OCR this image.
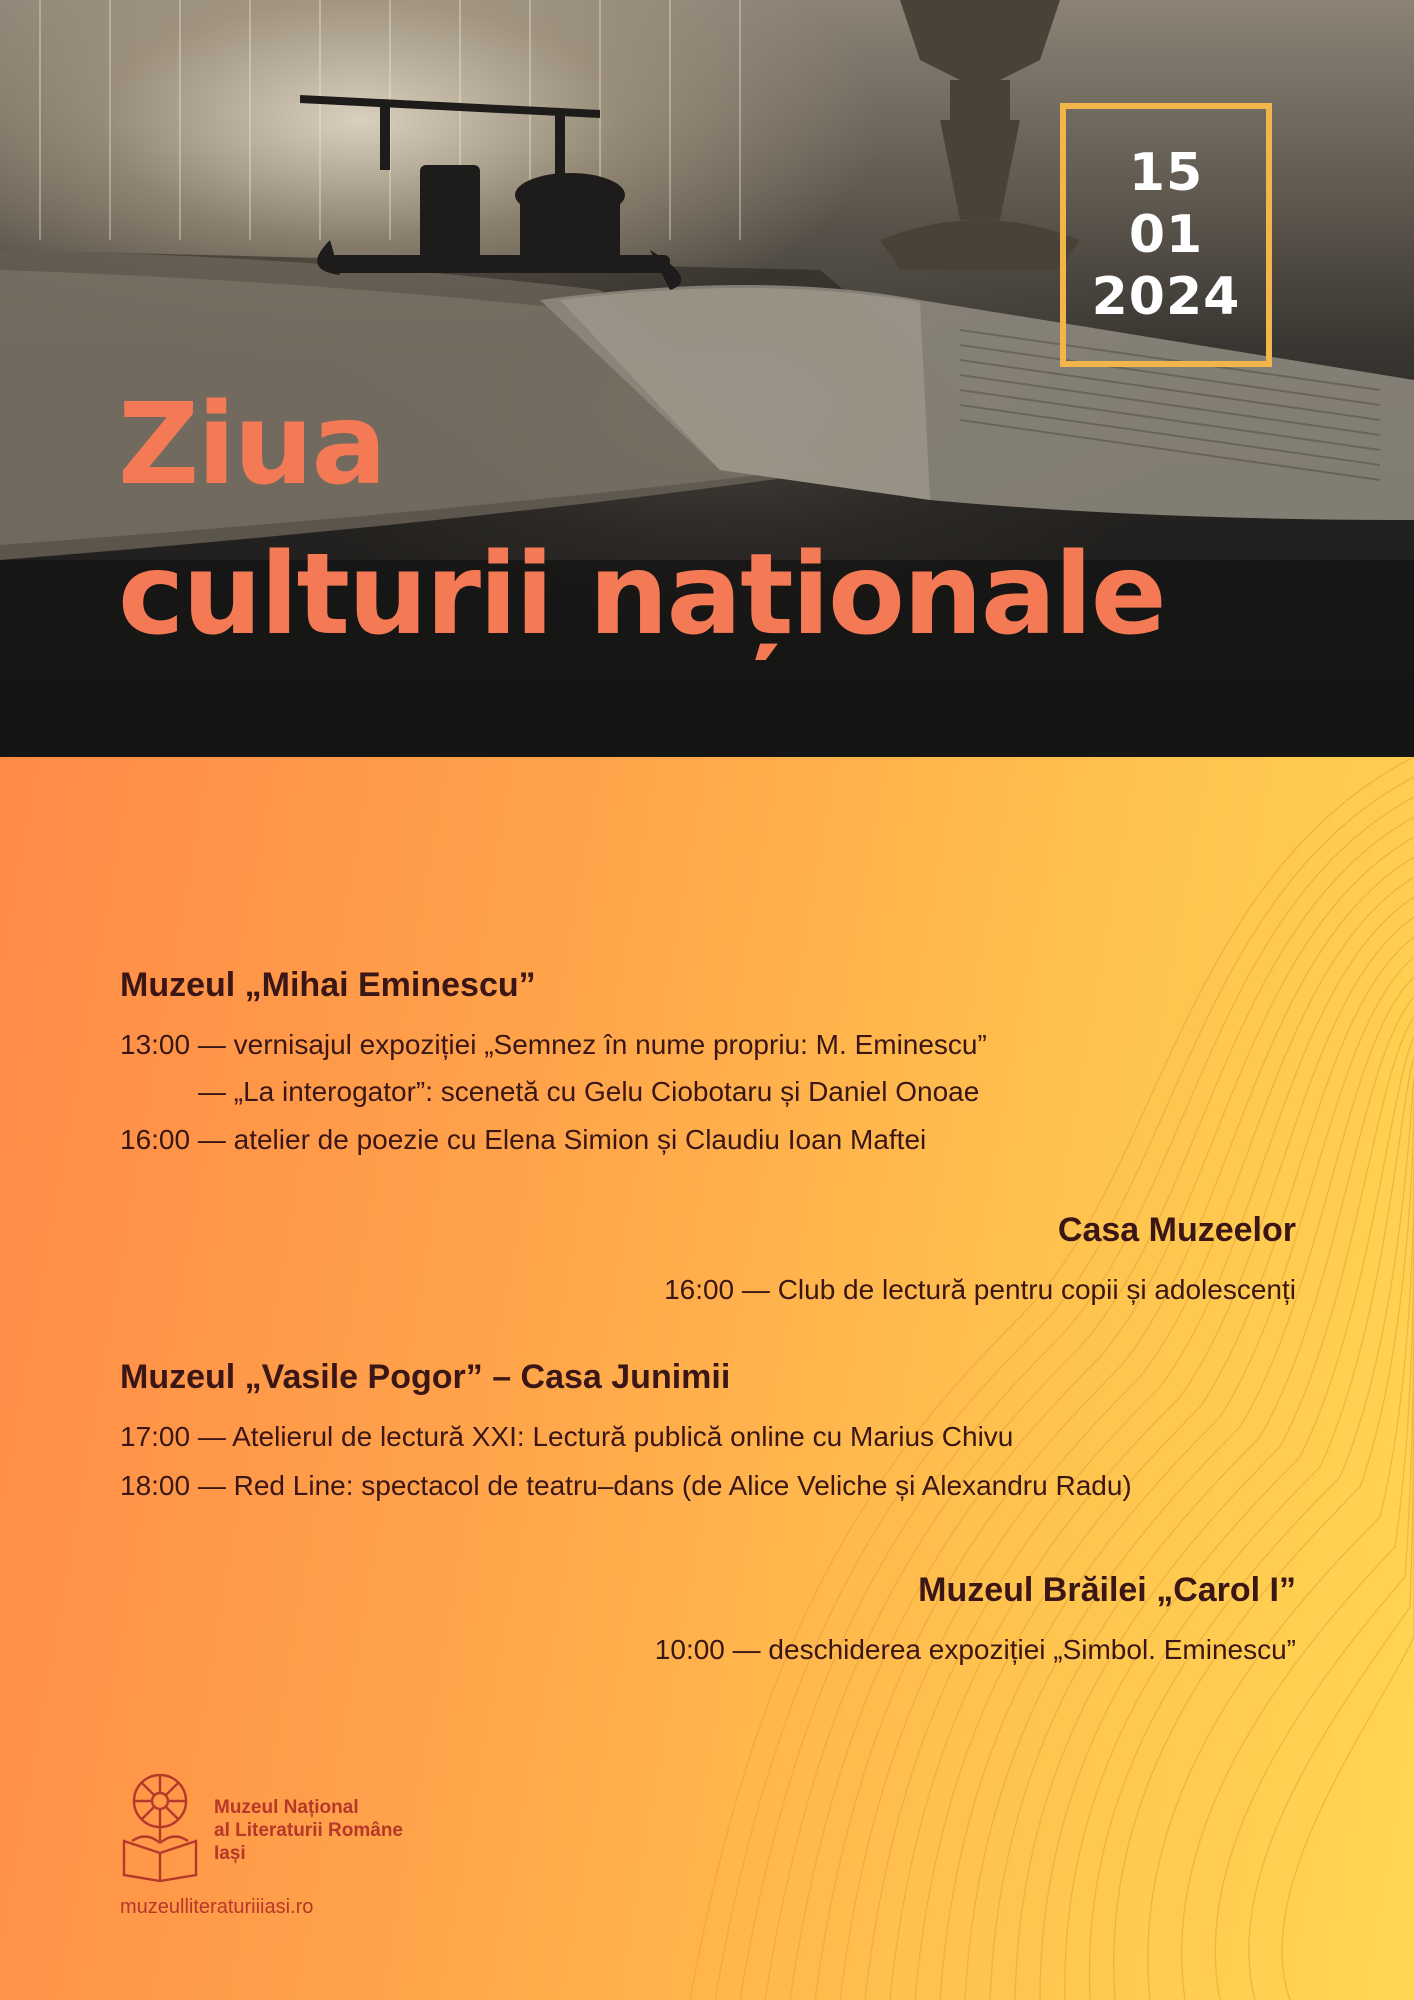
15
01
2024
Ziua
culturii naționale

Muzeul „Mihai Eminescu”

13:00 — vernisajul expoziției „Semnez în nume propriu: M. Eminescu”

— „La interogator”: scenetă cu Gelu Ciobotaru și Daniel Onoae

16:00 — atelier de poezie cu Elena Simion și Claudiu Ioan Maftei

Casa Muzeelor

16:00 — Club de lectură pentru copii și adolescenți

Muzeul „Vasile Pogor” – Casa Junimii

17:00 — Atelierul de lectură XXI: Lectură publică online cu Marius Chivu

18:00 — Red Line: spectacol de teatru–dans (de Alice Veliche și Alexandru Radu)

Muzeul Brăilei „Carol I”

10:00 — deschiderea expoziției „Simbol. Eminescu”

Muzeul Național
al Literaturii Române
Iași
muzeulliteraturiiiasi.ro
